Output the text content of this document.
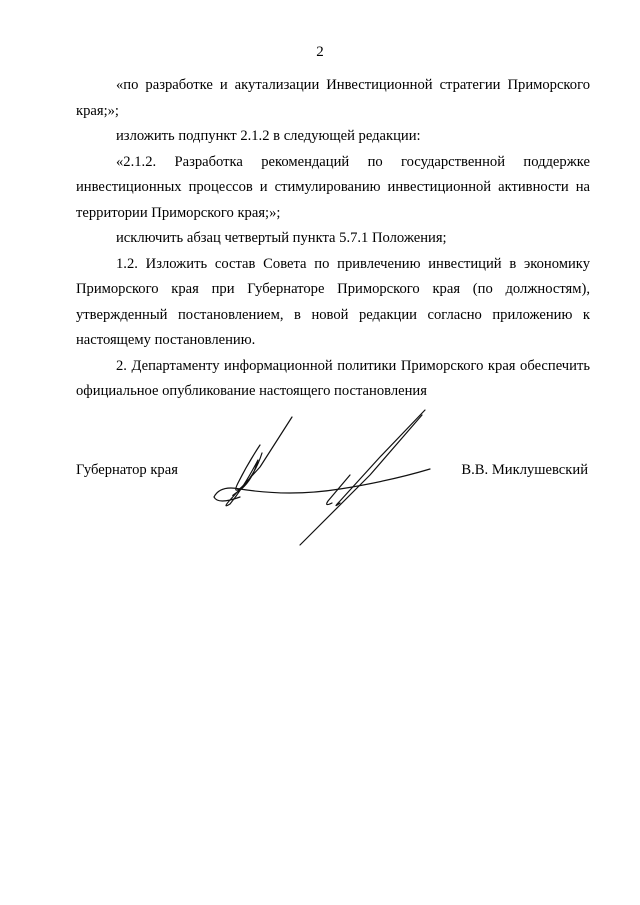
2

«по разработке и акутализации Инвестиционной стратегии Приморского края;»;

изложить подпункт 2.1.2 в следующей редакции:

«2.1.2. Разработка рекомендаций по государственной поддержке инвестиционных процессов и стимулированию инвестиционной активности на территории Приморского края;»;

исключить абзац четвертый пункта 5.7.1 Положения;

1.2. Изложить состав Совета по привлечению инвестиций в экономику Приморского края при Губернаторе Приморского края (по должностям), утвержденный постановлением, в новой редакции согласно приложению к настоящему постановлению.

2. Департаменту информационной политики Приморского края обеспечить официальное опубликование настоящего постановления

Губернатор края	В.В. Миклушевский
